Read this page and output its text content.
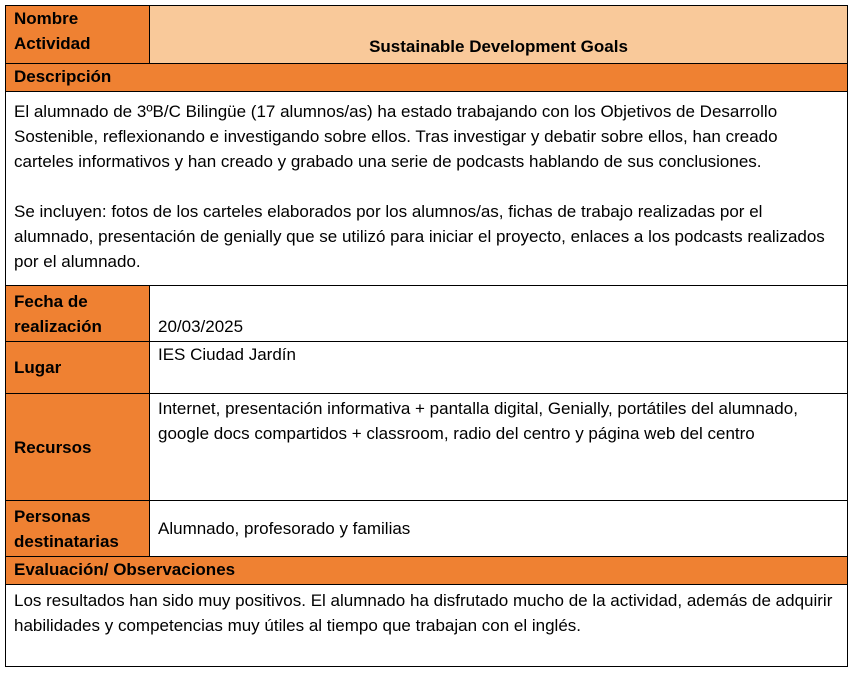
Nombre Actividad	Sustainable Development Goals
Descripción	

El alumnado de 3ºB/C Bilingüe (17 alumnos/as) ha estado trabajando con los Objetivos de Desarrollo Sostenible, reflexionando e investigando sobre ellos. Tras investigar y debatir sobre ellos, han creado carteles informativos y han creado y grabado una serie de podcasts hablando de sus conclusiones.

Se incluyen: fotos de los carteles elaborados por los alumnos/as, fichas de trabajo realizadas por el alumnado, presentación de genially que se utilizó para iniciar el proyecto, enlaces a los podcasts realizados por el alumnado.	

Fecha de realización	20/03/2025
Lugar	IES Ciudad Jardín
Recursos	Internet, presentación informativa + pantalla digital, Genially, portátiles del alumnado, google docs compartidos + classroom, radio del centro y página web del centro
Personas destinatarias	Alumnado, profesorado y familias
Evaluación/ Observaciones	
Los resultados han sido muy positivos. El alumnado ha disfrutado mucho de la actividad, además de adquirir habilidades y competencias muy útiles al tiempo que trabajan con el inglés.	
